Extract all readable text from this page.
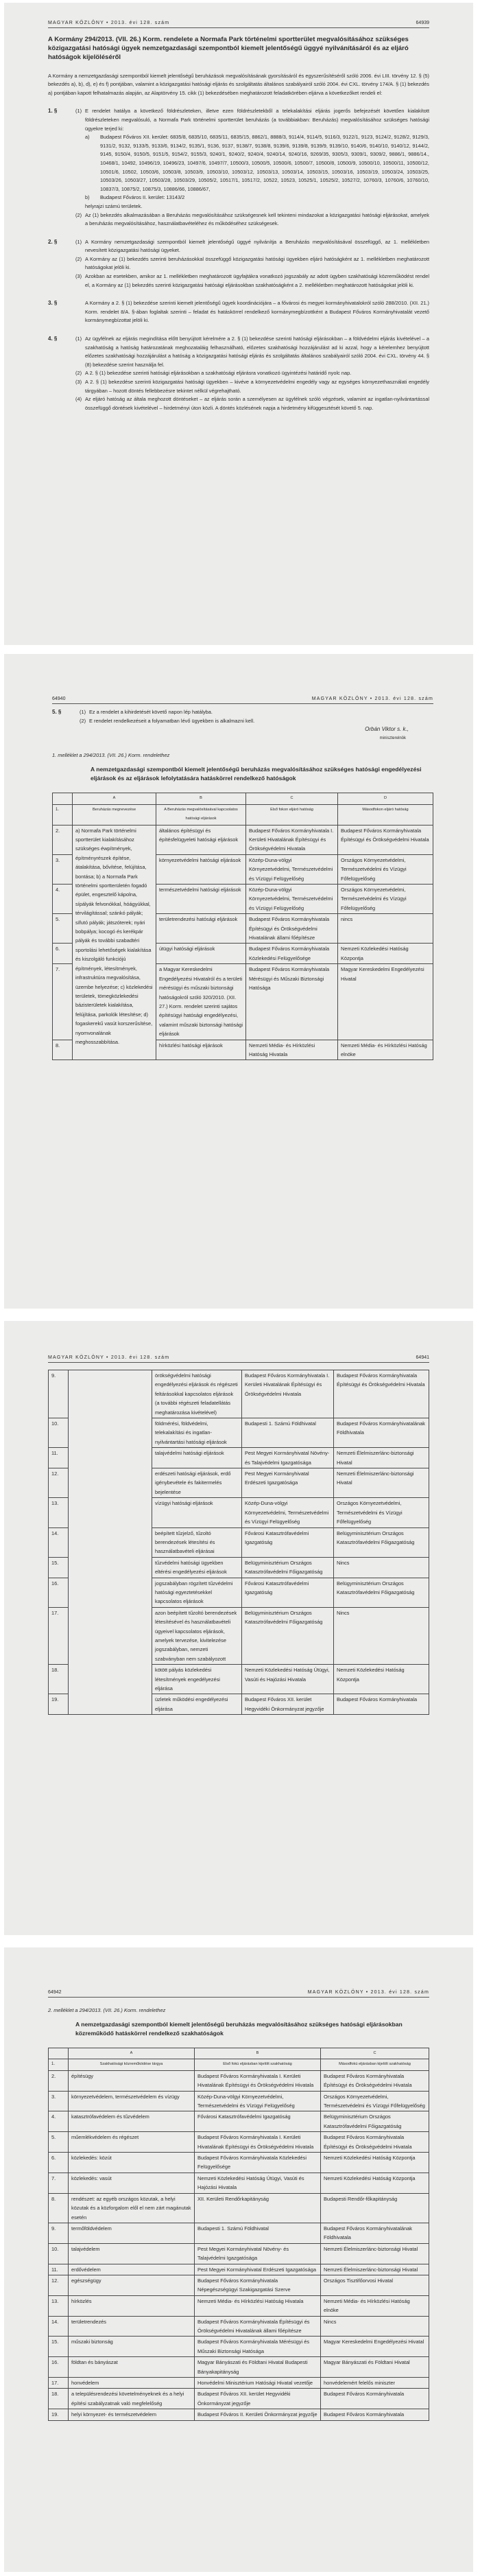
MAGYAR KÖZLÖNY • 2013. évi 128. szám	64939
A Kormány 294/2013. (VII. 26.) Korm. rendelete a Normafa Park történelmi sportterület megvalósításához szükséges közigazgatási hatósági ügyek nemzetgazdasági szempontból kiemelt jelentőségű üggyé nyilvánításáról és az eljáró hatóságok kijelöléséről

A Kormány a nemzetgazdasági szempontból kiemelt jelentőségű beruházások megvalósításának gyorsításáról és egyszerűsítéséről szóló 2006. évi LIII. törvény 12. § (5) bekezdés a), b), d), e) és f) pontjában, valamint a közigazgatási hatósági eljárás és szolgáltatás általános szabályairól szóló 2004. évi CXL. törvény 174/A. § (1) bekezdés a) pontjában kapott felhatalmazás alapján, az Alaptörvény 15. cikk (1) bekezdésében meghatározott feladatkörében eljárva a következőket rendeli el:

1. §	(1) E rendelet hatálya a következő földrészleteken, illetve ezen földrészletekből a telekalakítási eljárás jogerős befejezését követően kialakított földrészleteken megvalósuló, a Normafa Park történelmi sportterület beruházás (a továbbiakban: Beruházás) megvalósításához szükséges hatósági ügyekre terjed ki:
a)	Budapest Főváros XII. kerület: 6835/8, 6835/10, 6835/11, 6835/15, 8862/1, 8888/3, 9114/4, 9114/5, 9116/3, 9122/1, 9123, 9124/2, 9128/2, 9129/3, 9131/2, 9132, 9133/5, 9133/6, 9134/2, 9135/1, 9136, 9137, 9138/7, 9138/8, 9139/6, 9139/8, 9139/9, 9139/10, 9140/6, 9140/10, 9140/12, 9144/2, 9145, 9150/4, 9150/5, 9151/5, 9154/2, 9155/3, 9240/1, 9240/2, 9240/4, 9240/14, 9240/16, 9269/35, 9305/3, 9309/1, 9309/2, 9886/1, 9886/14., 10468/1, 10492, 10496/19, 10496/23, 10497/6, 10497/7, 10500/3, 10500/5, 10500/6, 10500/7, 10500/8, 10500/9, 10500/10, 10500/11, 10500/12, 10501/6, 10502, 10503/6, 10503/8, 10503/9, 10503/10, 10503/12, 10503/13, 10503/14, 10503/15, 10503/16, 10503/19, 10503/24, 10503/25, 10503/26, 10503/27, 10503/28, 10503/29, 10505/2, 10517/1, 10517/2, 10522, 10523, 10525/1, 10525/2, 10527/2, 10760/3, 10760/6, 10760/10, 10837/3, 10875/2, 10875/3, 10886/66, 10886/67,
b)	Budapest Főváros II. kerület: 13143/2
helyrajzi számú területek.
(2) Az (1) bekezdés alkalmazásában a Beruházás megvalósításához szükségesnek kell tekinteni mindazokat a közigazgatási hatósági eljárásokat, amelyek a beruházás megvalósításához, használatbavételéhez és működéséhez szükségesek.
2. §	(1) A Kormány nemzetgazdasági szempontból kiemelt jelentőségű üggyé nyilvánítja a Beruházás megvalósításával összefüggő, az 1. mellékletben nevesített közigazgatási hatósági ügyeket.
(2) A Kormány az (1) bekezdés szerinti beruházásokkal összefüggő közigazgatási hatósági ügyekben eljáró hatóságként az 1. mellékletben meghatározott hatóságokat jelöli ki.
(3) Azokban az esetekben, amikor az 1. mellékletben meghatározott ügyfajtákra vonatkozó jogszabály az adott ügyben szakhatósági közreműködést rendel el, a Kormány az (1) bekezdés szerinti közigazgatási hatósági eljárásokban szakhatóságként a 2. mellékletben meghatározott hatóságokat jelöli ki.
3. §	A Kormány a 2. § (1) bekezdése szerinti kiemelt jelentőségű ügyek koordinációjára – a fővárosi és megyei kormányhivatalokról szóló 288/2010. (XII. 21.) Korm. rendelet 8/A. §-ában foglaltak szerinti – feladat és hatáskörrel rendelkező kormánymegbízottként a Budapest Főváros Kormányhivatalát vezető kormánymegbízottat jelöli ki.
4. §	(1) Az ügyfélnek az eljárás megindítása előtt benyújtott kérelmére a 2. § (1) bekezdése szerinti hatósági eljárásokban – a földvédelmi eljárás kivételével – a szakhatóság a hatóság határozatának meghozataláig felhasználható, előzetes szakhatósági hozzájárulást ad ki azzal, hogy a kérelemhez benyújtott előzetes szakhatósági hozzájárulást a hatóság a közigazgatási hatósági eljárás és szolgáltatás általános szabályairól szóló 2004. évi CXL. törvény 44. § (8) bekezdése szerint használja fel.
(2) A 2. § (1) bekezdése szerinti hatósági eljárásokban a szakhatósági eljárásra vonatkozó ügyintézési határidő nyolc nap.
(3) A 2. § (1) bekezdése szerinti közigazgatási hatósági ügyekben – kivéve a környezetvédelmi engedély vagy az egységes környezethasználati engedély tárgyában – hozott döntés fellebbezésre tekintet nélkül végrehajtható.
(4) Az eljáró hatóság az általa meghozott döntéseket – az eljárás során a személyesen az ügyfélnek szóló végzések, valamint az ingatlan-nyilvántartással összefüggő döntések kivételével – hirdetményi úton közli. A döntés közlésének napja a hirdetmény kifüggesztését követő 5. nap.
64940	MAGYAR KÖZLÖNY • 2013. évi 128. szám
5. §	(1) Ez a rendelet a kihirdetését követő napon lép hatályba.
(2) E rendelet rendelkezéseit a folyamatban lévő ügyekben is alkalmazni kell.
Orbán Viktor s. k.,
miniszterelnök
1. melléklet a 294/2013. (VII. 26.) Korm. rendelethez
A nemzetgazdasági szempontból kiemelt jelentőségű beruházás megvalósításához szükséges hatósági engedélyezési eljárások és az eljárások lefolytatására hatáskörrel rendelkező hatóságok
	A	B	C	D
1.	Beruházás megnevezése	A Beruházás megvalósításával kapcsolatos hatósági eljárások	Első fokon eljáró hatóság	Másodfokon eljáró hatóság
2.	a) Normafa Park történelmi sportterület kialakításához szükséges éwpítmények, építményrészek építése, átalakítása, bővítése, felújítása, bontása; b) a Normafa Park történelmi sportterületén fogadó épület, engesztelő kápolna, sípályák felvonókkal, hóágyúkkal, térvilágítással; szánkó pályák; sífutó pályák; játszóterek; nyári bobpálya; kocogó és kerékpár pályák és további szabadtéri sportolási lehetőségek kialakítása és kiszolgáló funkciójú építmények, létesítmények, infrastruktúra megvalósítása, üzembe helyezése; c) közlekedési területek, tömegközlekedési bázisterületek kialakítása, felújítása, parkolók létesítése; d) fogaskerekű vasút korszerűsítése, nyomvonalának meghosszabbítása.	általános építésügyi és építésfelügyeleti hatósági eljárások	Budapest Főváros Kormányhivatala I. Kerületi Hivatalának Építésügyi és Örökségvédelmi Hivatala	Budapest Főváros Kormányhivatala Építésügyi és Örökségvédelmi Hivatala
3.		környezetvédelmi hatósági eljárások	Közép-Duna-völgyi Környezetvédelmi, Természetvédelmi és Vízügyi Felügyelőség	Országos Környezetvédelmi, Természetvédelmi és Vízügyi Főfelügyelőség
4.		természetvédelmi hatósági eljárások	Közép-Duna-völgyi Környezetvédelmi, Természetvédelmi és Vízügyi Felügyelőség	Országos Környezetvédelmi, Természetvédelmi és Vízügyi Főfelügyelőség
5.		területrendezési hatósági eljárások	Budapest Főváros Kormányhivatala Építésügyi és Örökségvédelmi Hivatalának állami főépítésze	nincs
6.		útügyi hatósági eljárások	Budapest Főváros Kormányhivatala Közlekedési Felügyelősége	Nemzeti Közlekedési Hatóság Központja
7.		a Magyar Kereskedelmi Engedélyezési Hivatalról és a területi mérésügyi és műszaki biztonsági hatóságokról szóló 320/2010. (XII. 27.) Korm. rendelet szerinti sajátos építésügyi hatósági engedélyezési, valamint műszaki biztonsági hatósági eljárások	Budapest Főváros Kormányhivatala Mérésügyi és Műszaki Biztonsági Hatósága	Magyar Kereskedelmi Engedélyezési Hivatal
8.		hírközlési hatósági eljárások	Nemzeti Média- és Hírközlési Hatóság Hivatala	Nemzeti Média- és Hírközlési Hatóság elnöke
MAGYAR KÖZLÖNY • 2013. évi 128. szám	64941
9.		örökségvédelmi hatósági engedélyezési eljárások és régészeti feltárásokkal kapcsolatos eljárások (a további régészeti feladatellátás meghatározása kivételével)	Budapest Főváros Kormányhivatala I. Kerületi Hivatalának Építésügyi és Örökségvédelmi Hivatala	Budapest Főváros Kormányhivatala Építésügyi és Örökségvédelmi Hivatala
10.		földmérési, földvédelmi, telekalakítási és ingatlan-nyilvántartási hatósági eljárások	Budapesti 1. Számú Földhivatal	Budapest Főváros Kormányhivatalának Földhivatala
11.		talajvédelmi hatósági eljárások	Pest Megyei Kormányhivatal Növény- és Talajvédelmi Igazgatósága	Nemzeti Élelmiszerlánc-biztonsági Hivatal
12.		erdészeti hatósági eljárások, erdő igénybevétele és fakitermelés bejelentése	Pest Megyei Kormányhivatal Erdészeti Igazgatósága	Nemzeti Élelmiszerlánc-biztonsági Hivatal
13.		vízügyi hatósági eljárások	Közép-Duna-völgyi Környezetvédelmi, Természetvédelmi és Vízügyi Felügyelőség	Országos Környezetvédelmi, Természetvédelmi és Vízügyi Főfelügyelőség
14.		beépített tűzjelző, tűzoltó berendezések létesítési és használatbavételi eljárásai	Fővárosi Katasztrófavédelmi Igazgatóság	Belügyminisztérium Országos Katasztrófavédelmi Főigazgatóság
15.		tűzvédelmi hatósági ügyekben eltérési engedélyezési eljárások	Belügyminisztérium Országos Katasztrófavédelmi Főigazgatóság	Nincs
16.		jogszabályban rögzített tűzvédelmi hatósági egyeztetésekkel kapcsolatos eljárások	Fővárosi Katasztrófavédelmi Igazgatóság	Belügyminisztérium Országos Katasztrófavédelmi Főigazgatóság
17.		azon beépített tűzoltó berendezések létesítésével és használatbavételi ügyeivel kapcsolatos eljárások, amelyek tervezése, kivitelezése jogszabályban, nemzeti szabványban nem szabályozott	Belügyminisztérium Országos Katasztrófavédelmi Főigazgatóság	Nincs
18.		kötött pályás közlekedési létesítmények engedélyezési eljárása	Nemzeti Közlekedési Hatóság Útügyi, Vasúti és Hajózási Hivatala	Nemzeti Közlekedési Hatóság Központja
19.		üzletek működési engedélyezési eljárása	Budapest Főváros XII. kerület Hegyvidéki Önkormányzat jegyzője	Budapest Főváros Kormányhivatala
64942	MAGYAR KÖZLÖNY • 2013. évi 128. szám
2. melléklet a 294/2013. (VII. 26.) Korm. rendelethez
A nemzetgazdasági szempontból kiemelt jelentőségű beruházás megvalósításához szükséges hatósági eljárásokban közreműködő hatáskörrel rendelkező szakhatóságok
	A	B	C
1.	Szakhatósági közreműködése tárgya	Első fokú eljárásban kijelölt szakhatóság	Másodfokú eljárásban kijelölt szakhatóság
2.	építésügy	Budapest Főváros Kormányhivatala I. Kerületi Hivatalának Építésügyi és Örökségvédelmi Hivatala	Budapest Főváros Kormányhivatala Építésügyi és Örökségvédelmi Hivatala
3.	környezetvédelem, természetvédelem és vízügy	Közép-Duna-völgyi Környezetvédelmi, Természetvédelmi és Vízügyi Felügyelőség	Országos Környezetvédelmi, Természetvédelmi és Vízügyi Főfelügyelőség
4.	katasztrófavédelem és tűzvédelem	Fővárosi Katasztrófavédelmi Igazgatóság	Belügyminisztérium Országos Katasztrófavédelmi Főigazgatóság
5.	műemlékvédelem és régészet	Budapest Főváros Kormányhivatala I. Kerületi Hivatalának Építésügyi és Örökségvédelmi Hivatala	Budapest Főváros Kormányhivatala Építésügyi és Örökségvédelmi Hivatala
6.	közlekedés: közút	Budapest Főváros Kormányhivatala Közlekedési Felügyelősége	Nemzeti Közlekedési Hatóság Központja
7.	közlekedés: vasút	Nemzeti Közlekedési Hatóság Útügyi, Vasúti és Hajózási Hivatala	Nemzeti Közlekedési Hatóság Központja
8.	rendészet: az egyéb országos közutak, a helyi közutak és a közforgalom elől el nem zárt magánutak esetén	XII. Kerületi Rendőrkapitányság	Budapesti Rendőr-főkapitányság
9.	termőföldvédelem	Budapesti 1. Számú Földhivatal	Budapest Főváros Kormányhivatalának Földhivatala
10.	talajvédelem	Pest Megyei Kormányhivatal Növény- és Talajvédelmi Igazgatósága	Nemzeti Élelmiszerlánc-biztonsági Hivatal
11.	erdővédelem	Pest Megyei Kormányhivatal Erdészeti Igazgatósága	Nemzeti Élelmiszerlánc-biztonsági Hivatal
12.	egészségügy	Budapest Főváros Kormányhivatala Népegészségügyi Szakigazgatási Szerve	Országos Tisztifőorvosi Hivatal
13.	hírközlés	Nemzeti Média- és Hírközlési Hatóság Hivatala	Nemzeti Média- és Hírközlési Hatóság elnöke
14.	területrendezés	Budapest Főváros Kormányhivatala Építésügyi és Örökségvédelmi Hivatalának állami főépítésze	Nincs
15.	műszaki biztonság	Budapest Főváros Kormányhivatala Mérésügyi és Műszaki Biztonsági Hatósága	Magyar Kereskedelmi Engedélyezési Hivatal
16.	földtan és bányászat	Magyar Bányászati és Földtani Hivatal Budapesti Bányakapitányság	Magyar Bányászati és Földtani Hivatal
17.	honvédelem	Honvédelmi Minisztérium Hatósági Hivatal vezetője	honvédelemért felelős miniszter
18.	a településrendezési követelményeknek és a helyi építési szabályzatnak való megfelelőség	Budapest Főváros XII. kerület Hegyvidéki Önkormányzat jegyzője	Budapest Főváros Kormányhivatala
19.	helyi környezet- és természetvédelem	Budapest Főváros II. Kerületi Önkormányzat jegyzője	Budapest Főváros Kormányhivatala
